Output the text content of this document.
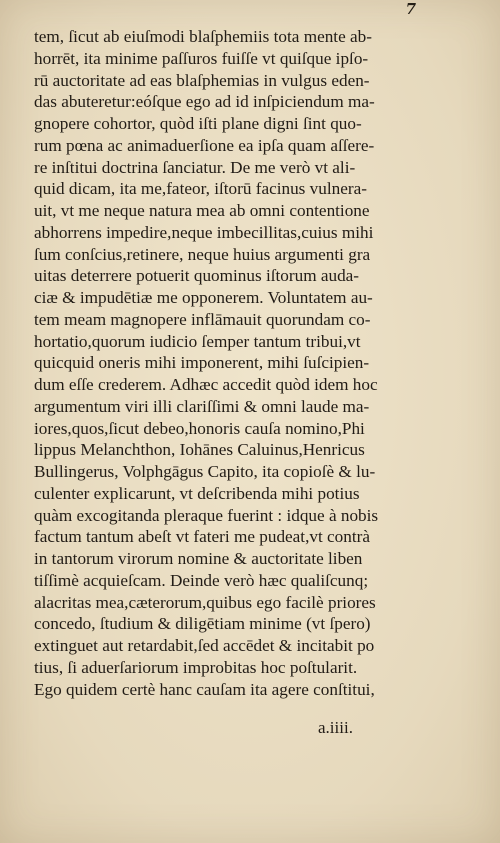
7
tem, ſicut ab eiuſmodi blaſphemiis tota mente ab-
horrēt, ita minime paſſuros fuiſſe vt quiſque ipſo-
rū auctoritate ad eas blaſphemias in vulgus eden-
das abuteretur:eóſque ego ad id inſpiciendum ma-
gnopere cohortor, quòd iſti plane digni ſint quo-
rum pœna ac animaduerſione ea ipſa quam aſſere-
re inſtitui doctrina ſanciatur. De me verò vt ali-
quid dicam, ita me,fateor, iſtorū facinus vulnera-
uit, vt me neque natura mea ab omni contentione
abhorrens impedire,neque imbecillitas,cuius mihi
ſum conſcius,retinere, neque huius argumenti gra
uitas deterrere potuerit quominus iſtorum auda-
ciæ & impudētiæ me opponerem. Voluntatem au-
tem meam magnopere inflāmauit quorundam co-
hortatio,quorum iudicio ſemper tantum tribui,vt
quicquid oneris mihi imponerent, mihi ſuſcipien-
dum eſſe crederem. Adhæc accedit quòd idem hoc
argumentum viri illi clariſſimi & omni laude ma-
iores,quos,ſicut debeo,honoris cauſa nomino,Phi
lippus Melanchthon, Iohānes Caluinus,Henricus
Bullingerus, Volphgāgus Capito, ita copioſè & lu-
culenter explicarunt, vt deſcribenda mihi potius
quàm excogitanda pleraque fuerint : idque à nobis
factum tantum abeſt vt fateri me pudeat,vt contrà
in tantorum virorum nomine & auctoritate liben
tiſſimè acquieſcam. Deinde verò hæc qualiſcunq;
alacritas mea,cæterorum,quibus ego facilè priores
concedo, ſtudium & diligētiam minime (vt ſpero)
extinguet aut retardabit,ſed accēdet & incitabit po
tius, ſi aduerſariorum improbitas hoc poſtularit.
Ego quidem certè hanc cauſam ita agere conſtitui,
a.iiii.
